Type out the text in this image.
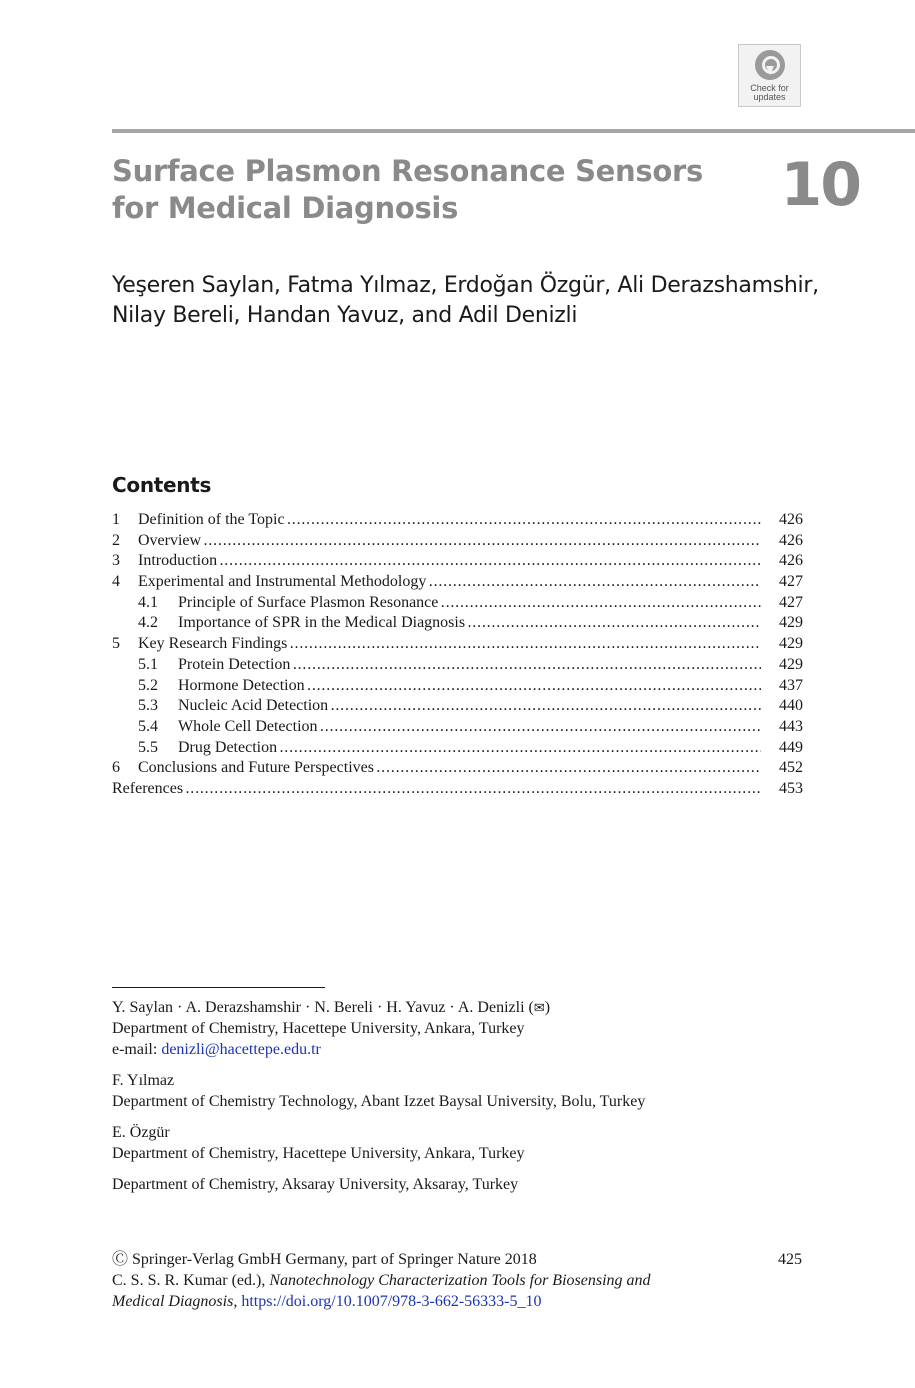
Check for
updates
Surface Plasmon Resonance Sensors
for Medical Diagnosis	10
Yeşeren Saylan, Fatma Yılmaz, Erdoğan Özgür, Ali Derazshamshir,
Nilay Bereli, Handan Yavuz, and Adil Denizli
Contents
1 Definition of the Topic . . .	426
2 Overview . . .	426
3 Introduction . . .	426
4 Experimental and Instrumental Methodology . . .	427
4.1 Principle of Surface Plasmon Resonance . . .	427
4.2 Importance of SPR in the Medical Diagnosis . . .	429
5 Key Research Findings . . .	429
5.1 Protein Detection . . .	429
5.2 Hormone Detection . . .	437
5.3 Nucleic Acid Detection . . .	440
5.4 Whole Cell Detection . . .	443
5.5 Drug Detection . . .	449
6 Conclusions and Future Perspectives . . .	452
References . . .	453
Y. Saylan · A. Derazshamshir · N. Bereli · H. Yavuz · A. Denizli (✉)
Department of Chemistry, Hacettepe University, Ankara, Turkey
e-mail: denizli@hacettepe.edu.tr
F. Yılmaz
Department of Chemistry Technology, Abant Izzet Baysal University, Bolu, Turkey
E. Özgür
Department of Chemistry, Hacettepe University, Ankara, Turkey
Department of Chemistry, Aksaray University, Aksaray, Turkey
Ⓒ Springer-Verlag GmbH Germany, part of Springer Nature 2018	425
C. S. S. R. Kumar (ed.), Nanotechnology Characterization Tools for Biosensing and
Medical Diagnosis, https://doi.org/10.1007/978-3-662-56333-5_10
